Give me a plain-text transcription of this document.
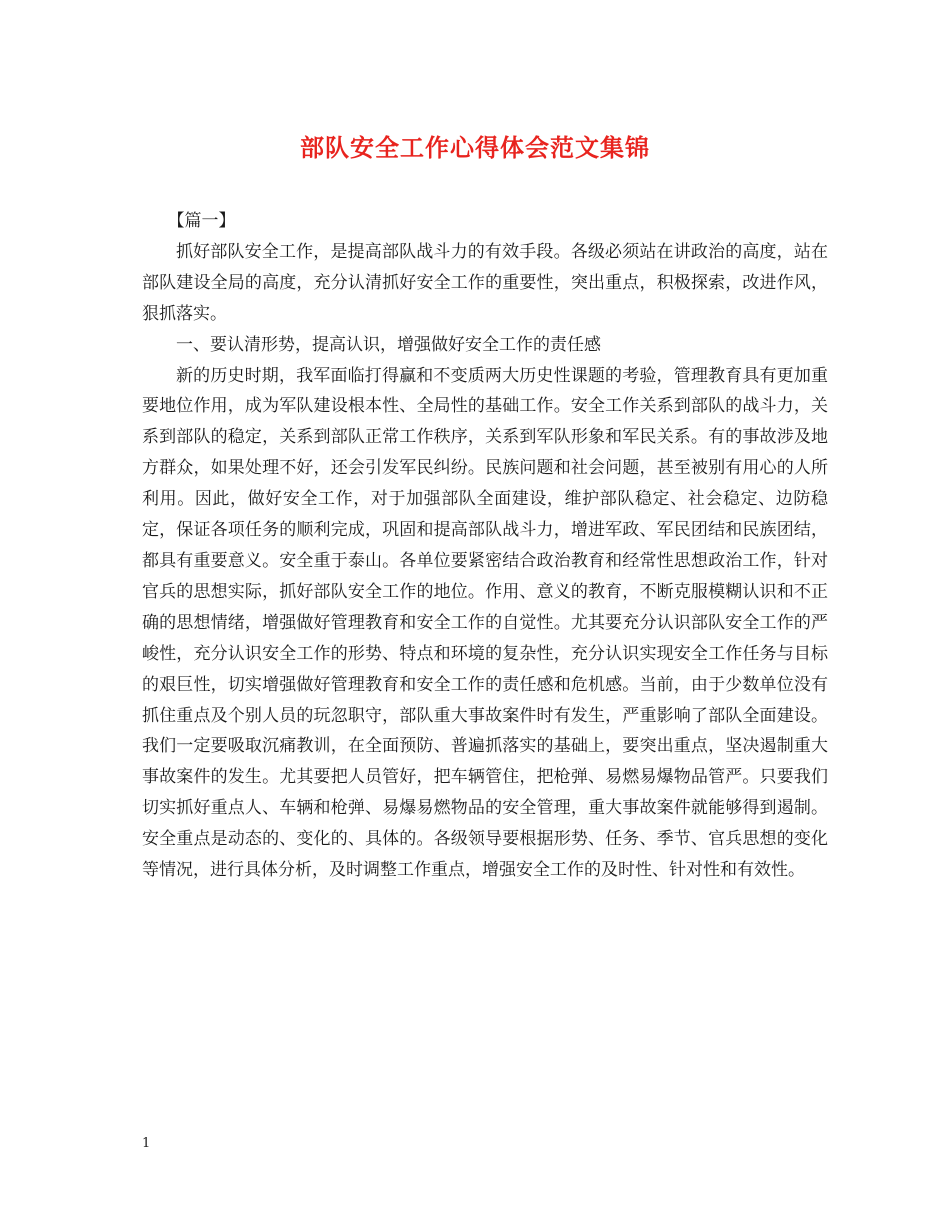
部队安全工作心得体会范文集锦

【篇一】

抓好部队安全工作，是提高部队战斗力的有效手段。各级必须站在讲政治的高度，站在部队建设全局的高度，充分认清抓好安全工作的重要性，突出重点，积极探索，改进作风，狠抓落实。

一、要认清形势，提高认识，增强做好安全工作的责任感

新的历史时期，我军面临打得赢和不变质两大历史性课题的考验，管理教育具有更加重要地位作用，成为军队建设根本性、全局性的基础工作。安全工作关系到部队的战斗力，关系到部队的稳定，关系到部队正常工作秩序，关系到军队形象和军民关系。有的事故涉及地方群众，如果处理不好，还会引发军民纠纷。民族问题和社会问题，甚至被别有用心的人所利用。因此，做好安全工作，对于加强部队全面建设，维护部队稳定、社会稳定、边防稳定，保证各项任务的顺利完成，巩固和提高部队战斗力，增进军政、军民团结和民族团结，都具有重要意义。安全重于泰山。各单位要紧密结合政治教育和经常性思想政治工作，针对官兵的思想实际，抓好部队安全工作的地位。作用、意义的教育，不断克服模糊认识和不正确的思想情绪，增强做好管理教育和安全工作的自觉性。尤其要充分认识部队安全工作的严峻性，充分认识安全工作的形势、特点和环境的复杂性，充分认识实现安全工作任务与目标的艰巨性，切实增强做好管理教育和安全工作的责任感和危机感。当前，由于少数单位没有抓住重点及个别人员的玩忽职守，部队重大事故案件时有发生，严重影响了部队全面建设。我们一定要吸取沉痛教训，在全面预防、普遍抓落实的基础上，要突出重点，坚决遏制重大事故案件的发生。尤其要把人员管好，把车辆管住，把枪弹、易燃易爆物品管严。只要我们切实抓好重点人、车辆和枪弹、易爆易燃物品的安全管理，重大事故案件就能够得到遏制。安全重点是动态的、变化的、具体的。各级领导要根据形势、任务、季节、官兵思想的变化等情况，进行具体分析，及时调整工作重点，增强安全工作的及时性、针对性和有效性。

1
